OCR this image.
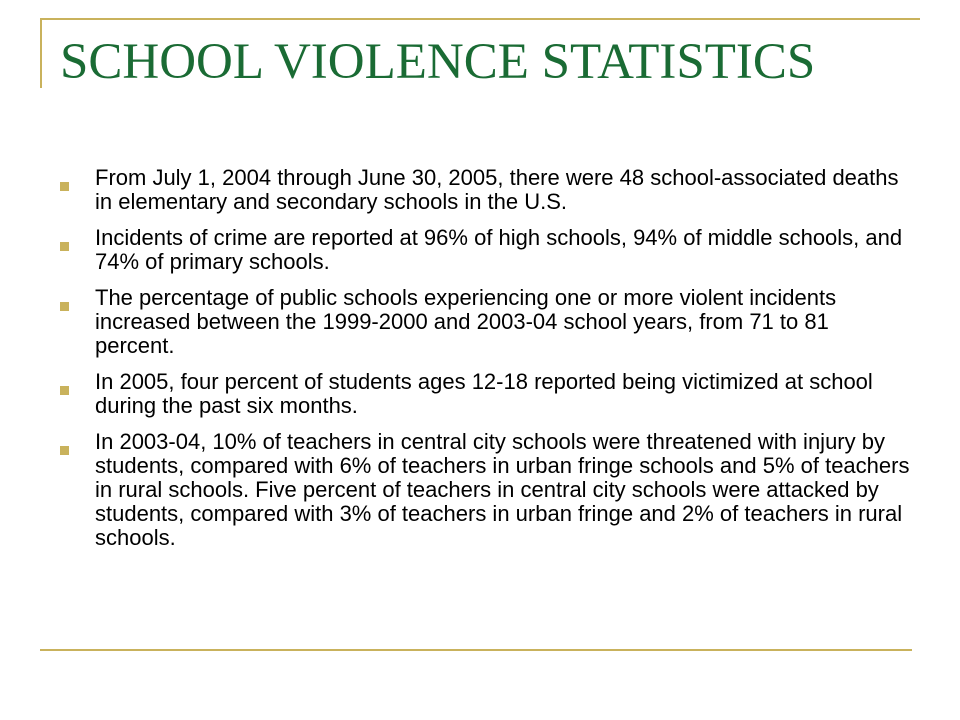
SCHOOL VIOLENCE STATISTICS
From July 1, 2004 through June 30, 2005, there were 48 school-associated deaths in elementary and secondary schools in the U.S.
Incidents of crime are reported at 96% of high schools, 94% of middle schools, and 74% of primary schools.
The percentage of public schools experiencing one or more violent incidents increased between the 1999-2000 and 2003-04 school years, from 71 to 81 percent.
In 2005, four percent of students ages 12-18 reported being victimized at school during the past six months.
In 2003-04, 10% of teachers in central city schools were threatened with injury by students, compared with 6% of teachers in urban fringe schools and 5% of teachers in rural schools. Five percent of teachers in central city schools were attacked by students, compared with 3% of teachers in urban fringe and 2% of teachers in rural schools.
